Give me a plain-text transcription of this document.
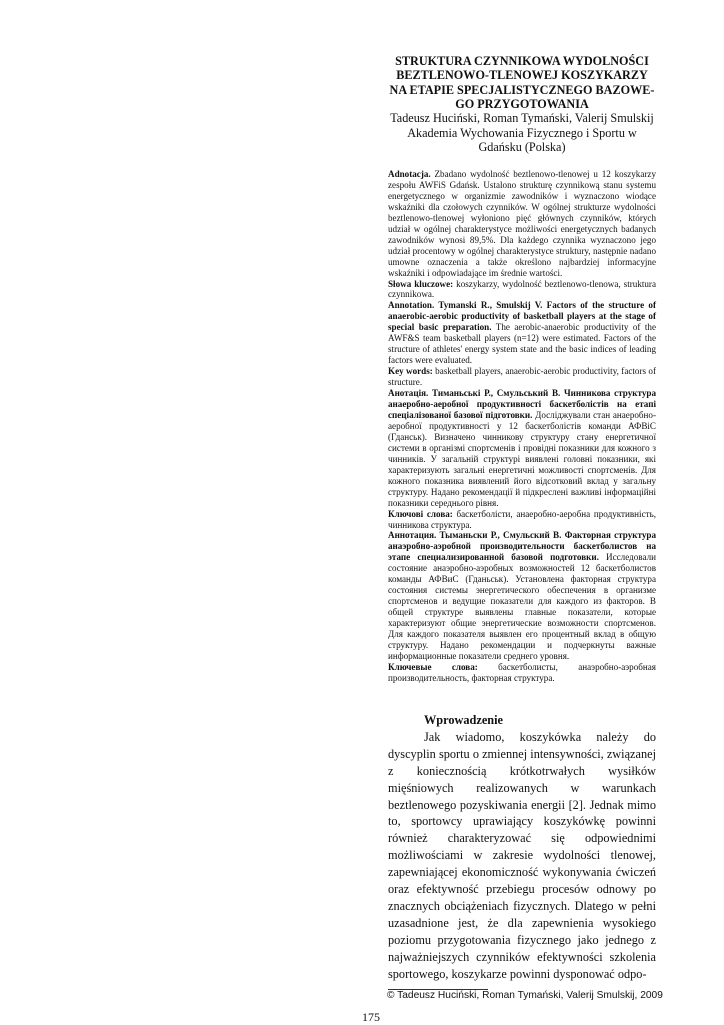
STRUKTURA CZYNNIKOWA WYDOLNOŚCI BEZTLENOWO-TLENOWEJ KOSZYKARZY NA ETAPIE SPECJALISTYCZNEGO BAZOWE-GO PRZYGOTOWANIA

Tadeusz Huciński, Roman Tymański, Valerij Smulskij

Akademia Wychowania Fizycznego i Sportu w Gdańsku (Polska)

Adnotacja. Zbadano wydolność beztlenowo-tlenowej u 12 koszykarzy zespołu AWFiS Gdańsk. Ustalono strukturę czynnikową stanu systemu energetycznego w organizmie zawodników i wyznaczono wiodące wskaźniki dla czołowych czynników. W ogólnej strukturze wydolności beztlenowo-tlenowej wyłoniono pięć głównych czynników, których udział w ogólnej charakterystyce możliwości energetycznych badanych zawodników wynosi 89,5%. Dla każdego czynnika wyznaczono jego udział procentowy w ogólnej charakterystyce struktury, następnie nadano umowne oznaczenia a także określono najbardziej informacyjne wskaźniki i odpowiadające im średnie wartości.

Słowa kluczowe: koszykarzy, wydolność beztlenowo-tlenowa, struktura czynnikowa.

Annotation. Tymanski R., Smulskij V. Factors of the structure of anaerobic-aerobic productivity of basketball players at the stage of special basic preparation. The aerobic-anaerobic productivity of the AWF&S team basketball players (n=12) were estimated. Factors of the structure of athletes' energy system state and the basic indices of leading factors were evaluated.

Key words: basketball players, anaerobic-aerobic productivity, factors of structure.

Анотація. Тиманьські Р., Смульський В. Чинникова структура анаеробно-аеробної продуктивності баскетболістів на етапі спеціалізованої базової підготовки. Досліджували стан анаеробно-аеробної продуктивності у 12 баскетболістів команди АФВіС (Гданськ). Визначено чинникову структуру стану енергетичної системи в організмі спортсменів і провідні показники для кожного з чинників. У загальній структурі виявлені головні показники, які характеризують загальні енергетичні можливості спортсменів. Для кожного показника виявлений його відсотковий вклад у загальну структуру. Надано рекомендації й підкреслені важливі інформаційні показники середнього рівня.

Ключові слова: баскетболісти, анаеробно-аеробна продуктивність, чинникова структура.

Аннотация. Тыманьски Р., Смульский В. Факторная структура анаэробно-аэробной производительности баскетболистов на этапе специализированной базовой подготовки. Исследовали состояние анаэробно-аэробных возможностей 12 баскетболистов команды АФВиС (Гданьськ). Установлена факторная структура состояния системы энергетического обеспечения в организме спортсменов и ведущие показатели для каждого из факторов. В общей структуре выявлены главные показатели, которые характеризуют общие энергетические возможности спортсменов. Для каждого показателя выявлен его процентный вклад в общую структуру. Надано рекомендации и подчеркнуты важные информационные показатели среднего уровня.

Ключевые слова: баскетболисты, анаэробно-аэробная производительность, факторная структура.

Wprowadzenie

Jak wiadomo, koszykówka należy do dyscyplin sportu o zmiennej intensywności, związanej z koniecznością krótkotrwałych wysiłków mięśniowych realizowanych w warunkach beztlenowego pozyskiwania energii [2]. Jednak mimo to, sportowcy uprawiający koszykówkę powinni również charakteryzować się odpowiednimi możliwościami w zakresie wydolności tlenowej, zapewniającej ekonomiczność wykonywania ćwiczeń oraz efektywność przebiegu procesów odnowy po znacznych obciążeniach fizycznych. Dlatego w pełni uzasadnione jest, że dla zapewnienia wysokiego poziomu przygotowania fizycznego jako jednego z najważniejszych czynników efektywności szkolenia sportowego, koszykarze powinni dysponować odpo-

© Tadeusz Huciński, Roman Tymański, Valerij Smulskij, 2009
175
